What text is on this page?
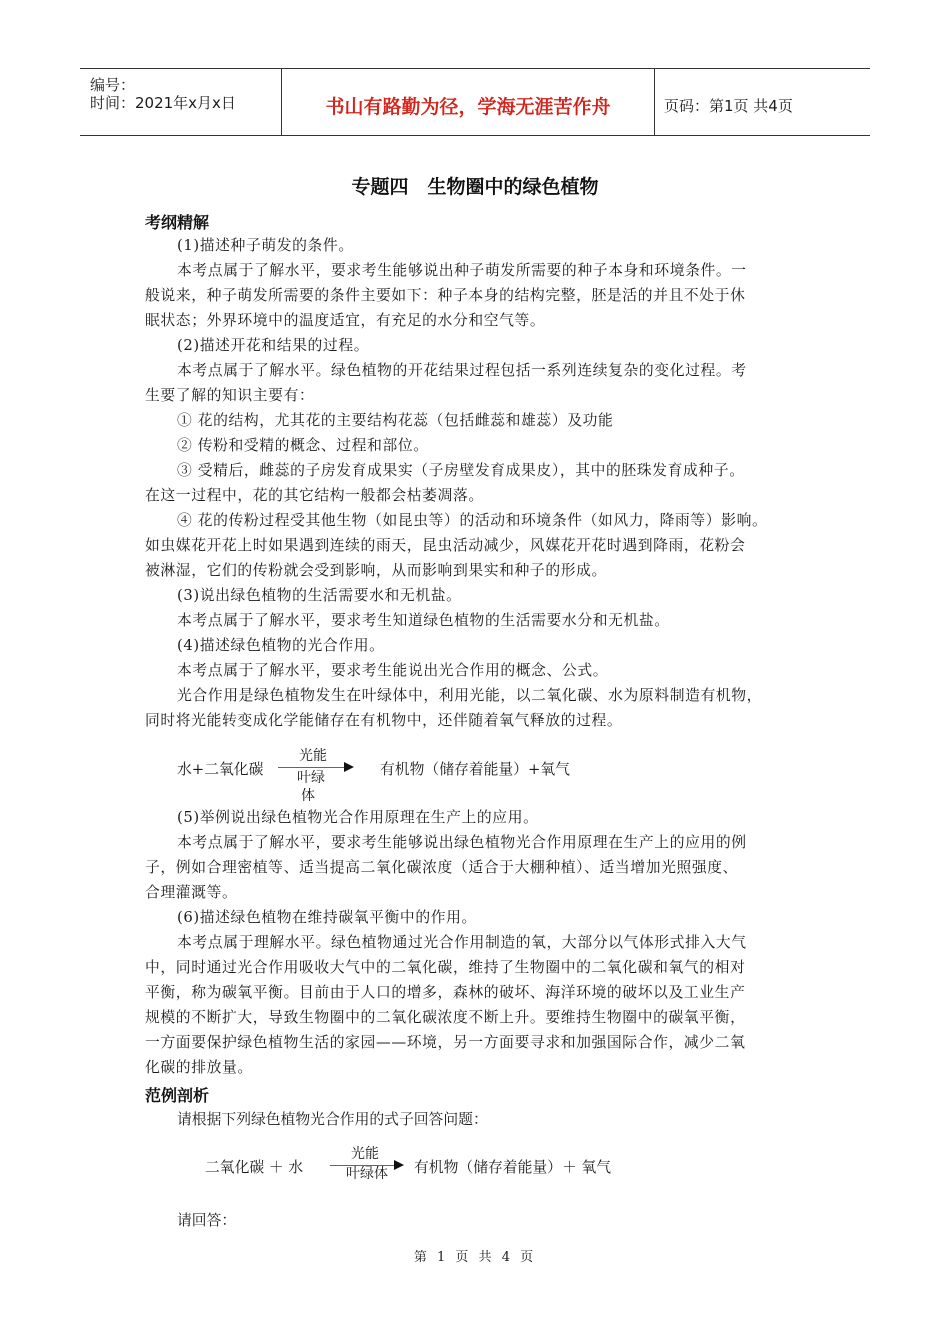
编号：
时间：2021年x月x日	书山有路勤为径，学海无涯苦作舟	页码：第1页 共4页
专题四　生物圈中的绿色植物
考纲精解
(1)描述种子萌发的条件。
本考点属于了解水平，要求考生能够说出种子萌发所需要的种子本身和环境条件。一
般说来，种子萌发所需要的条件主要如下：种子本身的结构完整，胚是活的并且不处于休
眠状态；外界环境中的温度适宜，有充足的水分和空气等。
(2)描述开花和结果的过程。
本考点属于了解水平。绿色植物的开花结果过程包括一系列连续复杂的变化过程。考
生要了解的知识主要有：
① 花的结构，尤其花的主要结构花蕊（包括雌蕊和雄蕊）及功能
② 传粉和受精的概念、过程和部位。
③ 受精后，雌蕊的子房发育成果实（子房壁发育成果皮），其中的胚珠发育成种子。
在这一过程中，花的其它结构一般都会枯萎凋落。
④ 花的传粉过程受其他生物（如昆虫等）的活动和环境条件（如风力，降雨等）影响。
如虫媒花开花上时如果遇到连续的雨天，昆虫活动减少，风媒花开花时遇到降雨，花粉会
被淋湿，它们的传粉就会受到影响，从而影响到果实和种子的形成。
(3)说出绿色植物的生活需要水和无机盐。
本考点属于了解水平，要求考生知道绿色植物的生活需要水分和无机盐。
(4)描述绿色植物的光合作用。
本考点属于了解水平，要求考生能说出光合作用的概念、公式。
光合作用是绿色植物发生在叶绿体中，利用光能，以二氧化碳、水为原料制造有机物，
同时将光能转变成化学能储存在有机物中，还伴随着氧气释放的过程。
水+二氧化碳
光能
叶绿
体
有机物（储存着能量）+氧气
(5)举例说出绿色植物光合作用原理在生产上的应用。
本考点属于了解水平，要求考生能够说出绿色植物光合作用原理在生产上的应用的例
子，例如合理密植等、适当提高二氧化碳浓度（适合于大棚种植）、适当增加光照强度、
合理灌溉等。
(6)描述绿色植物在维持碳氧平衡中的作用。
本考点属于理解水平。绿色植物通过光合作用制造的氧，大部分以气体形式排入大气
中，同时通过光合作用吸收大气中的二氧化碳，维持了生物圈中的二氧化碳和氧气的相对
平衡，称为碳氧平衡。目前由于人口的增多，森林的破坏、海洋环境的破坏以及工业生产
规模的不断扩大，导致生物圈中的二氧化碳浓度不断上升。要维持生物圈中的碳氧平衡，
一方面要保护绿色植物生活的家园——环境，另一方面要寻求和加强国际合作，减少二氧
化碳的排放量。
范例剖析
请根据下列绿色植物光合作用的式子回答问题：
二氧化碳 ＋ 水
光能
叶绿体	有机物（储存着能量）＋ 氧气
请回答：
第 1 页 共 4 页
